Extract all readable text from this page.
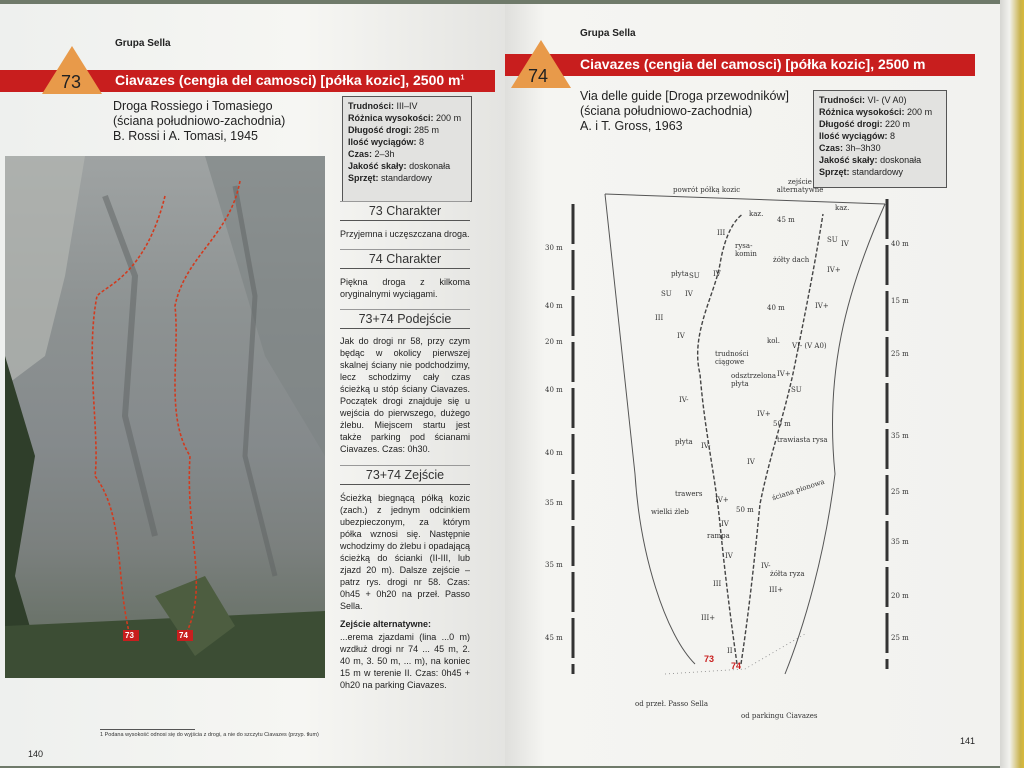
Grupa Sella
Ciavazes (cengia del camosci) [półka kozic], 2500 $m^1$
73
Droga Rossiego i Tomasiego
(ściana południowo-zachodnia)
B. Rossi i A. Tomasi, 1945
Trudności: III–IV
Różnica wysokości: 200 m
Długość drogi: 285 m
Ilość wyciągów: 8
Czas: 2–3h
Jakość skały: doskonała
Sprzęt: standardowy
73	74
73 Charakter
Przyjemna i uczęszczana droga.
74 Charakter
Piękna droga z kilkoma oryginalnymi wyciągami.
73+74 Podejście
Jak do drogi nr 58, przy czym będąc w okolicy pierwszej skalnej ściany nie podchodzimy, lecz schodzimy cały czas ścieżką u stóp ściany Ciavazes. Początek drogi znajduje się u wejścia do pierwszego, dużego żlebu. Miejscem startu jest także parking pod ścianami Ciavazes. Czas: 0h30.
73+74 Zejście
Ścieżką biegnącą półką kozic (zach.) z jednym odcinkiem ubezpieczonym, za którym półka wznosi się. Następnie wchodzimy do żlebu i opadającą ścieżką do ścianki (II-III, lub zjazd 20 m). Dalsze zejście – patrz rys. drogi nr 58. Czas: 0h45 + 0h20 na przeł. Passo Sella.
Zejście alternatywne:
...erema zjazdami (lina ...0 m) wzdłuż drogi nr 74 ... 45 m, 2. 40 m, 3. 50 m, ... m), na koniec 15 m w terenie II. Czas: 0h45 + 0h20 na parking Ciavazes.
1 Podana wysokość odnosi się do wyjścia z drogi, a nie do szczytu Ciavazes (przyp. tłum)
140
Grupa Sella
Ciavazes (cengia del camosci) [półka kozic], 2500 m
74
Via delle guide [Droga przewodników]
(ściana południowo-zachodnia)
A. i T. Gross, 1963
Trudności: VI- (V A0)
Różnica wysokości: 200 m
Długość drogi: 220 m
Ilość wyciągów: 8
Czas: 3h–3h30
Jakość skały: doskonała
Sprzęt: standardowy
30 m
40 m
20 m
40 m
40 m
35 m
35 m
45 m
40 m
15 m
25 m
35 m
25 m
35 m
20 m
25 m
powrót półką kozic
zejście alternatywne
kaz.
kaz.
45 m
III
rysa-komin
SU IV
żółty dach
IV+
płyta SU IV
SU IV
40 m	IV+
III
IV
kol.
VI- (V A0)
trudności ciągowe
odsztrzelona płyta
IV+
SU
IV-
IV+
50 m
płyta IV-
trawiasta rysa
IV
trawers
IV+	ściana pionowa
wielki żleb	50 m
IV
rampa
IV
IV-
III
żółta ryza
III+
III+
II
73
74
od przeł. Passo Sella
od parkingu Ciavazes
141
